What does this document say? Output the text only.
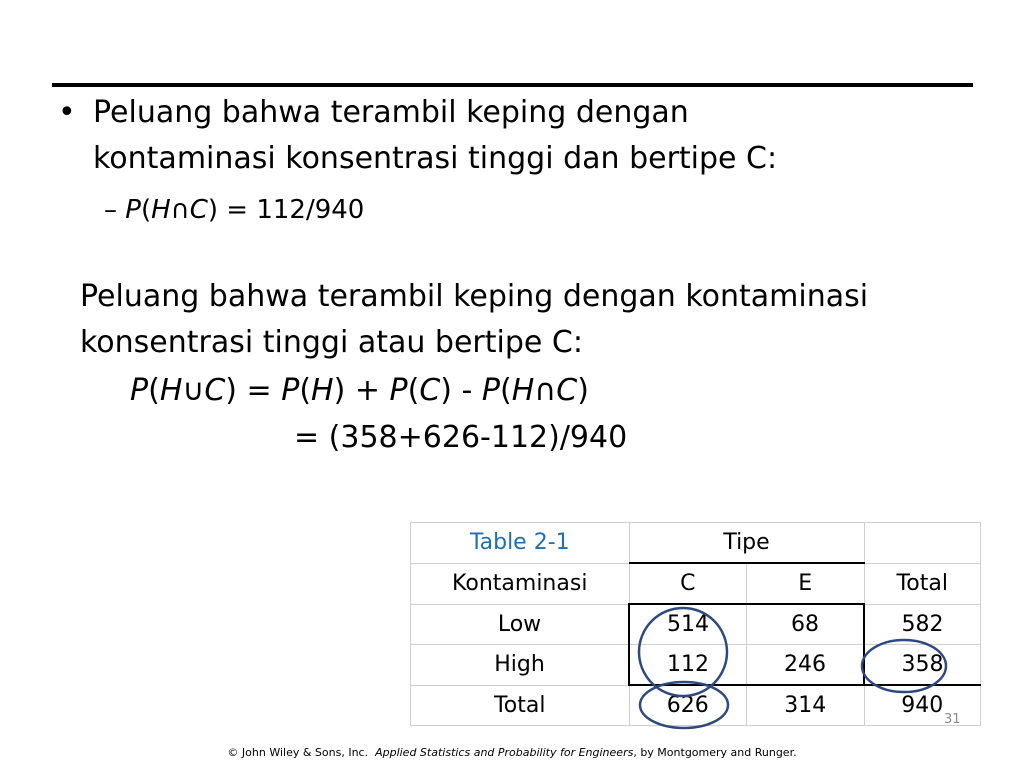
• Peluang bahwa terambil keping dengan
kontaminasi konsentrasi tinggi dan bertipe C:
– P(H∩C) = 112/940
Peluang bahwa terambil keping dengan kontaminasi
konsentrasi tinggi atau bertipe C:
P(H∪C) = P(H) + P(C) - P(H∩C)
= (358+626-112)/940
Table 2-1	Tipe		
Kontaminasi	C	E	Total
Low	514	68	582
High	112	246	358
Total	626	314	940
31
© John Wiley & Sons, Inc.  Applied Statistics and Probability for Engineers, by Montgomery and Runger.
